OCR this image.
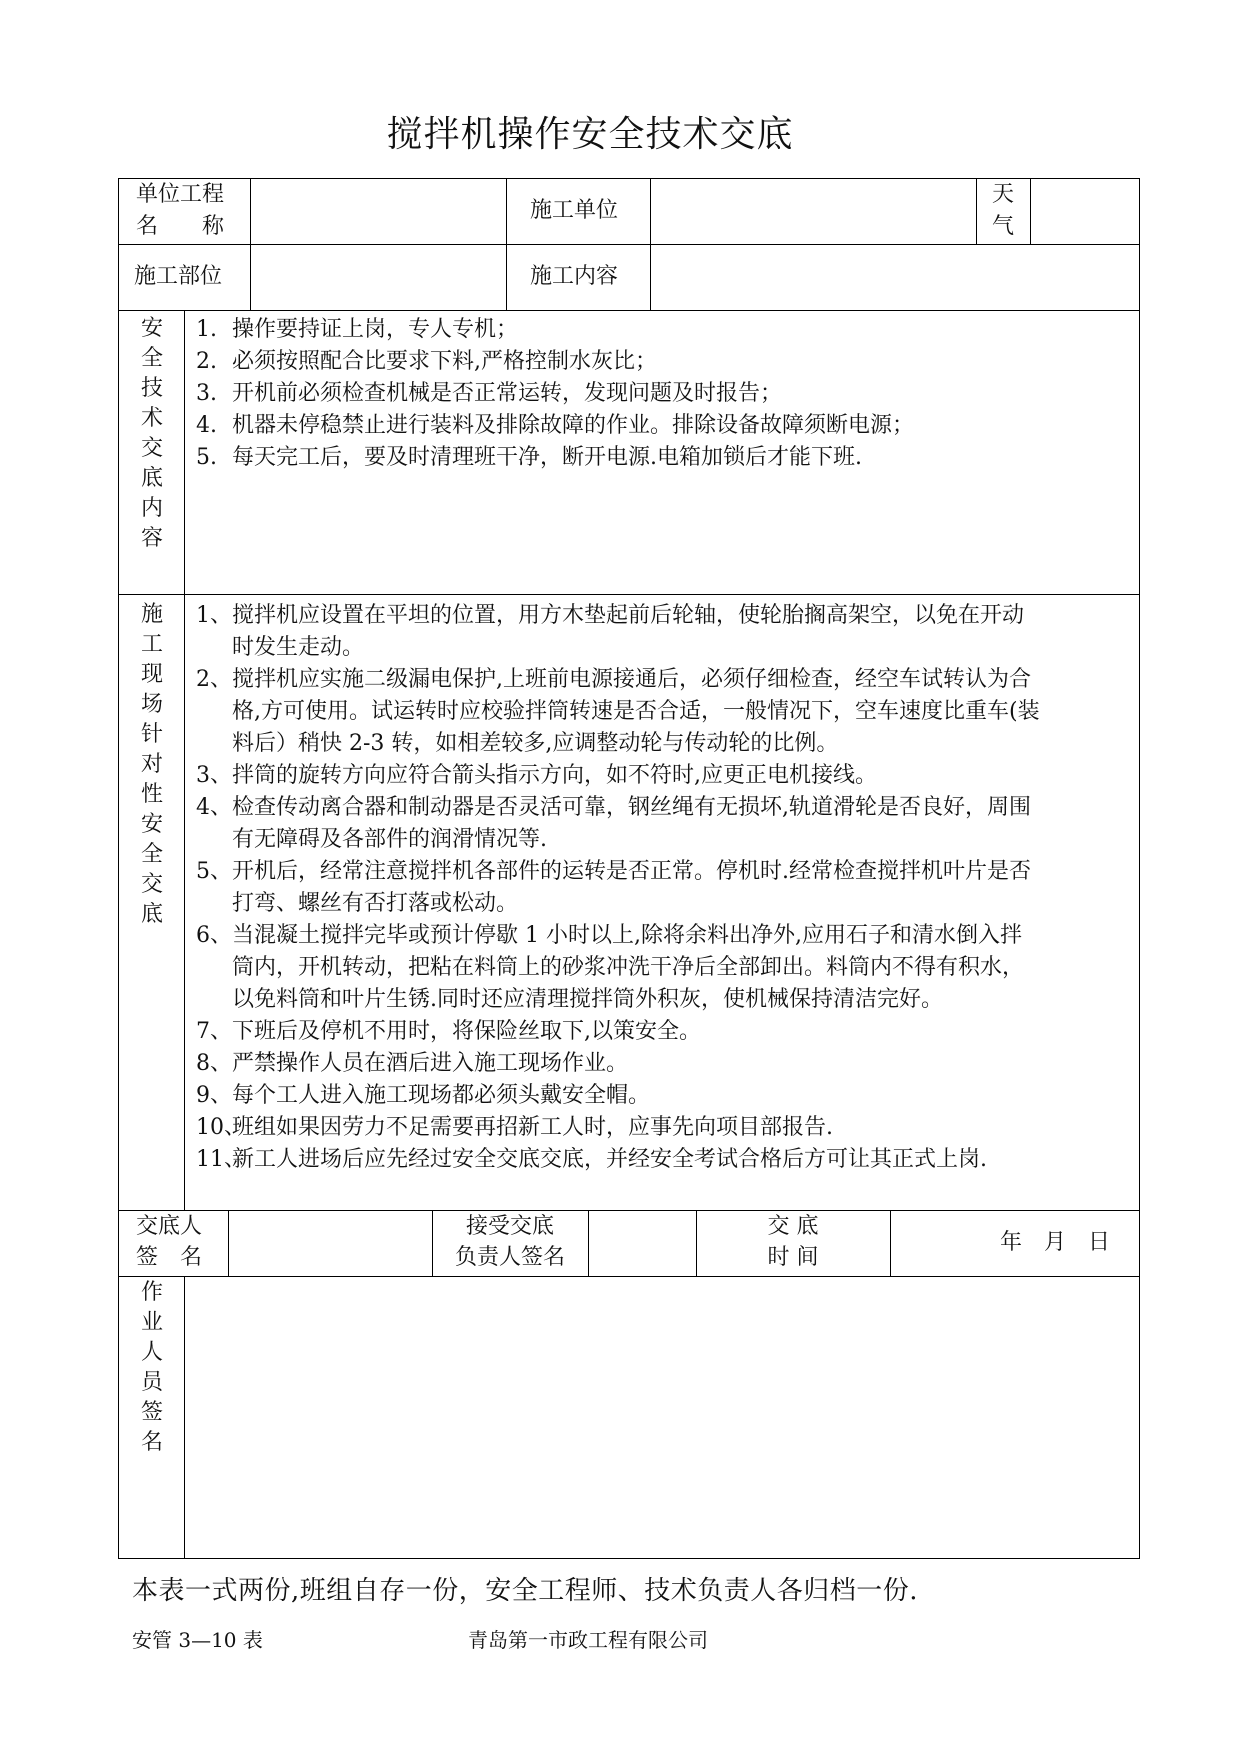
搅拌机操作安全技术交底
单位工程
名　　称
施工单位
天
气
施工部位	施工内容
安
全
技
术
交
底
内
容
1. 操作要持证上岗，专人专机；
2. 必须按照配合比要求下料,严格控制水灰比；
3. 开机前必须检查机械是否正常运转，发现问题及时报告；
4. 机器未停稳禁止进行装料及排除故障的作业。排除设备故障须断电源；
5. 每天完工后，要及时清理班干净，断开电源.电箱加锁后才能下班.
施
工
现
场
针
对
性
安
全
交
底
1、 搅拌机应设置在平坦的位置，用方木垫起前后轮轴，使轮胎搁高架空，以免在开动
时发生走动。
2、 搅拌机应实施二级漏电保护,上班前电源接通后，必须仔细检查，经空车试转认为合
格,方可使用。试运转时应校验拌筒转速是否合适，一般情况下，空车速度比重车(装
料后）稍快 2-3 转，如相差较多,应调整动轮与传动轮的比例。
3、 拌筒的旋转方向应符合箭头指示方向，如不符时,应更正电机接线。
4、 检查传动离合器和制动器是否灵活可靠，钢丝绳有无损坏,轨道滑轮是否良好，周围
有无障碍及各部件的润滑情况等.
5、 开机后，经常注意搅拌机各部件的运转是否正常。停机时.经常检查搅拌机叶片是否
打弯、螺丝有否打落或松动。
6、 当混凝土搅拌完毕或预计停歇 1 小时以上,除将余料出净外,应用石子和清水倒入拌
筒内，开机转动，把粘在料筒上的砂浆冲洗干净后全部卸出。料筒内不得有积水，
以免料筒和叶片生锈.同时还应清理搅拌筒外积灰，使机械保持清洁完好。
7、 下班后及停机不用时，将保险丝取下,以策安全。
8、 严禁操作人员在酒后进入施工现场作业。
9、 每个工人进入施工现场都必须头戴安全帽。
10、
班组如果因劳力不足需要再招新工人时，应事先向项目部报告.
11、
新工人进场后应先经过安全交底交底，并经安全考试合格后方可让其正式上岗.
交底人
签　名
接受交底
负责人签名
交 底
时 间
年　月　日
作
业
人
员
签
名
本表一式两份,班组自存一份，安全工程师、技术负责人各归档一份.
安管 3—10 表	青岛第一市政工程有限公司
